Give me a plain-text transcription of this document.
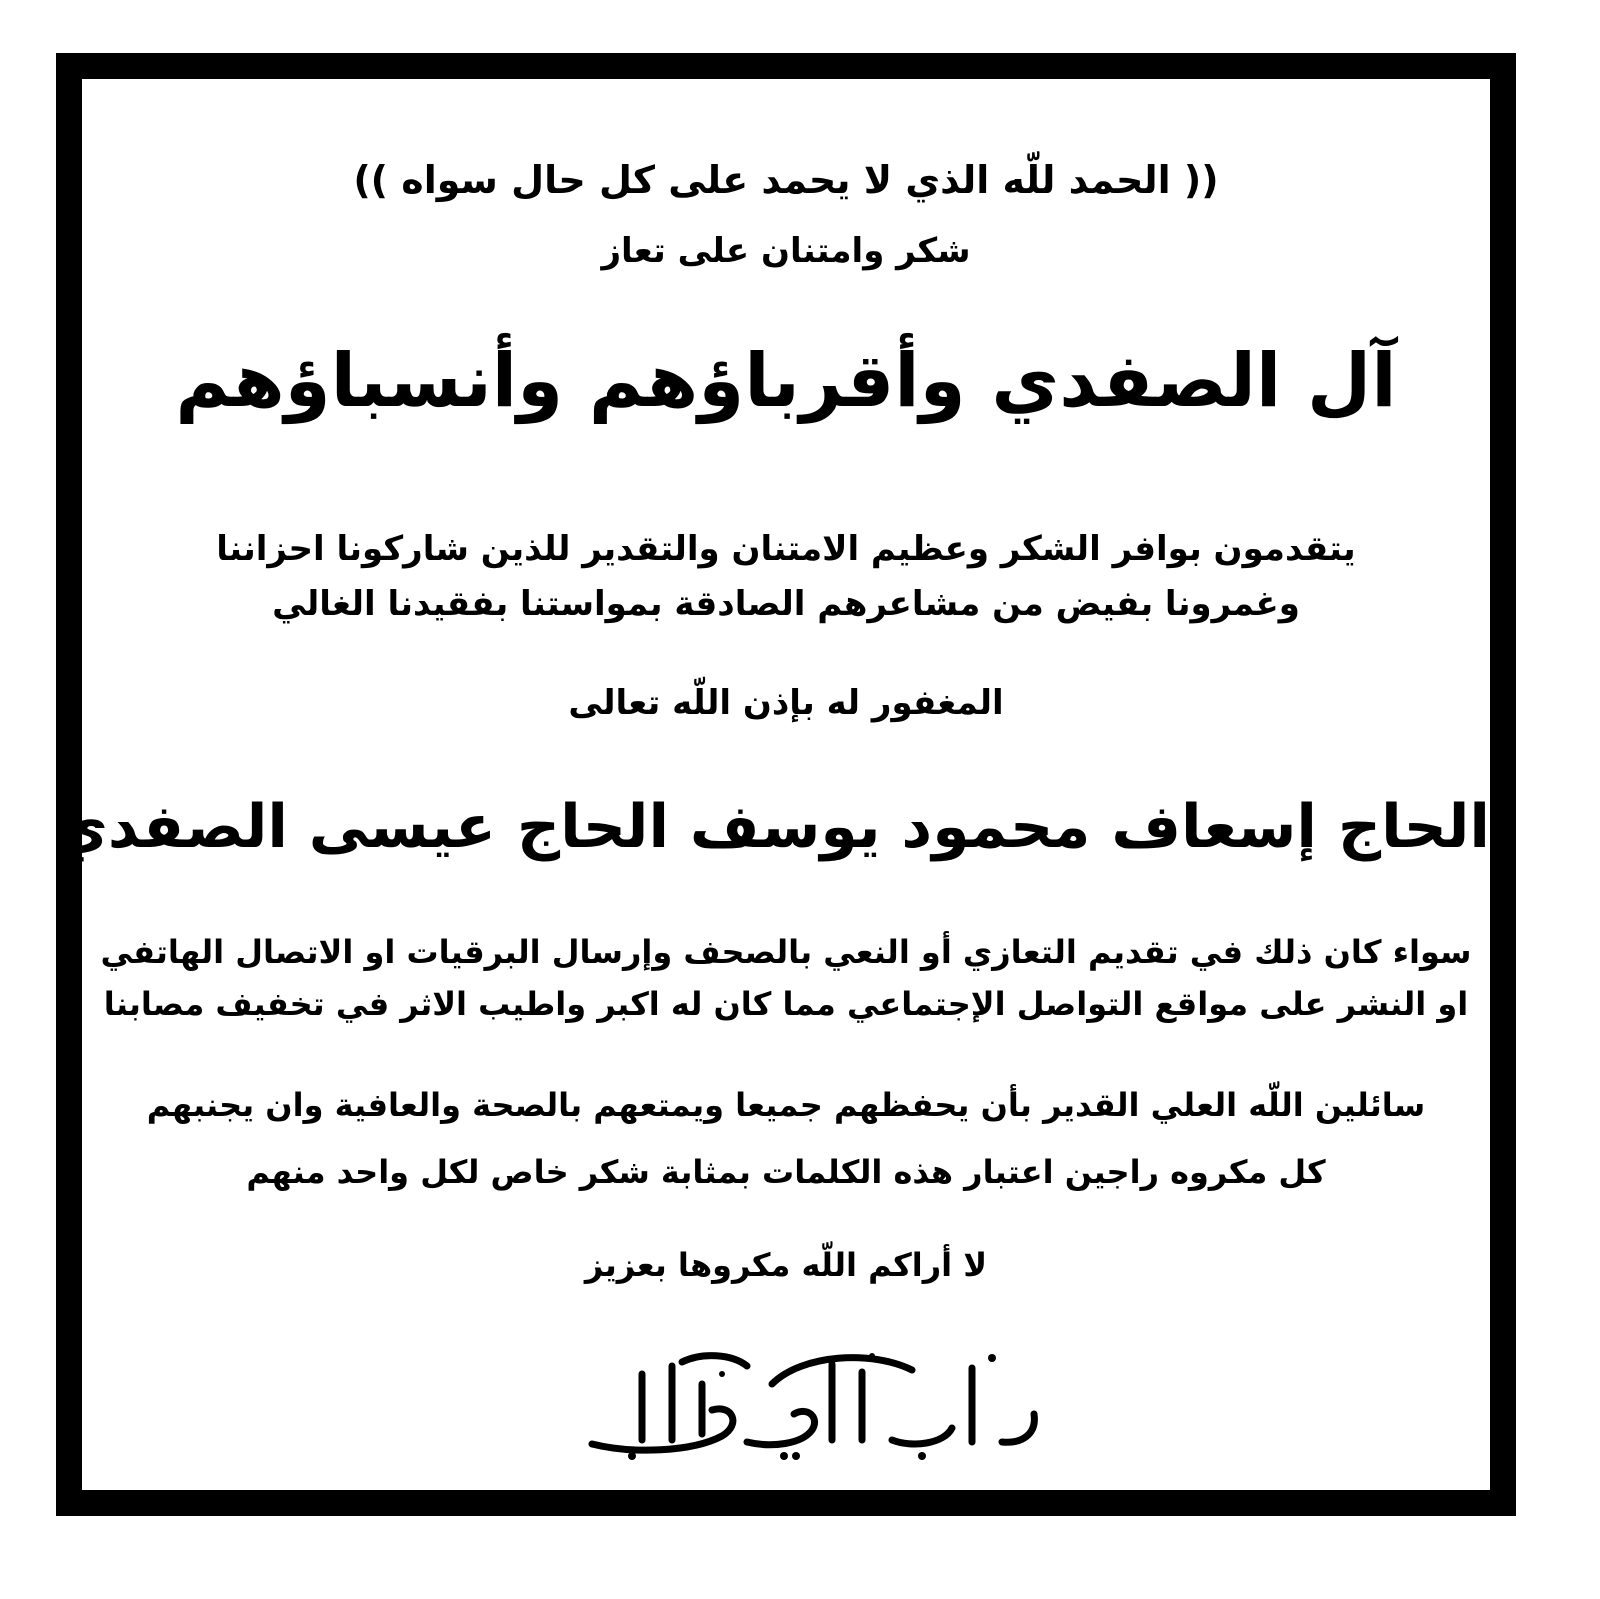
(( الحمد للّه الذي لا يحمد على كل حال سواه ))
شكر وامتنان على تعاز
آل الصفدي وأقرباؤهم وأنسباؤهم
يتقدمون بوافر الشكر وعظيم الامتنان والتقدير للذين شاركونا احزاننا
وغمرونا بفيض من مشاعرهم الصادقة بمواستنا بفقيدنا الغالي
المغفور له بإذن اللّه تعالى
الحاج إسعاف محمود يوسف الحاج عيسى الصفدي
سواء كان ذلك في تقديم التعازي أو النعي بالصحف وإرسال البرقيات او الاتصال الهاتفي
او النشر على مواقع التواصل الإجتماعي مما كان له اكبر واطيب الاثر في تخفيف مصابنا
سائلين اللّه العلي القدير بأن يحفظهم جميعا ويمتعهم بالصحة والعافية وان يجنبهم
كل مكروه راجين اعتبار هذه الكلمات بمثابة شكر خاص لكل واحد منهم
لا أراكم اللّه مكروها بعزيز
